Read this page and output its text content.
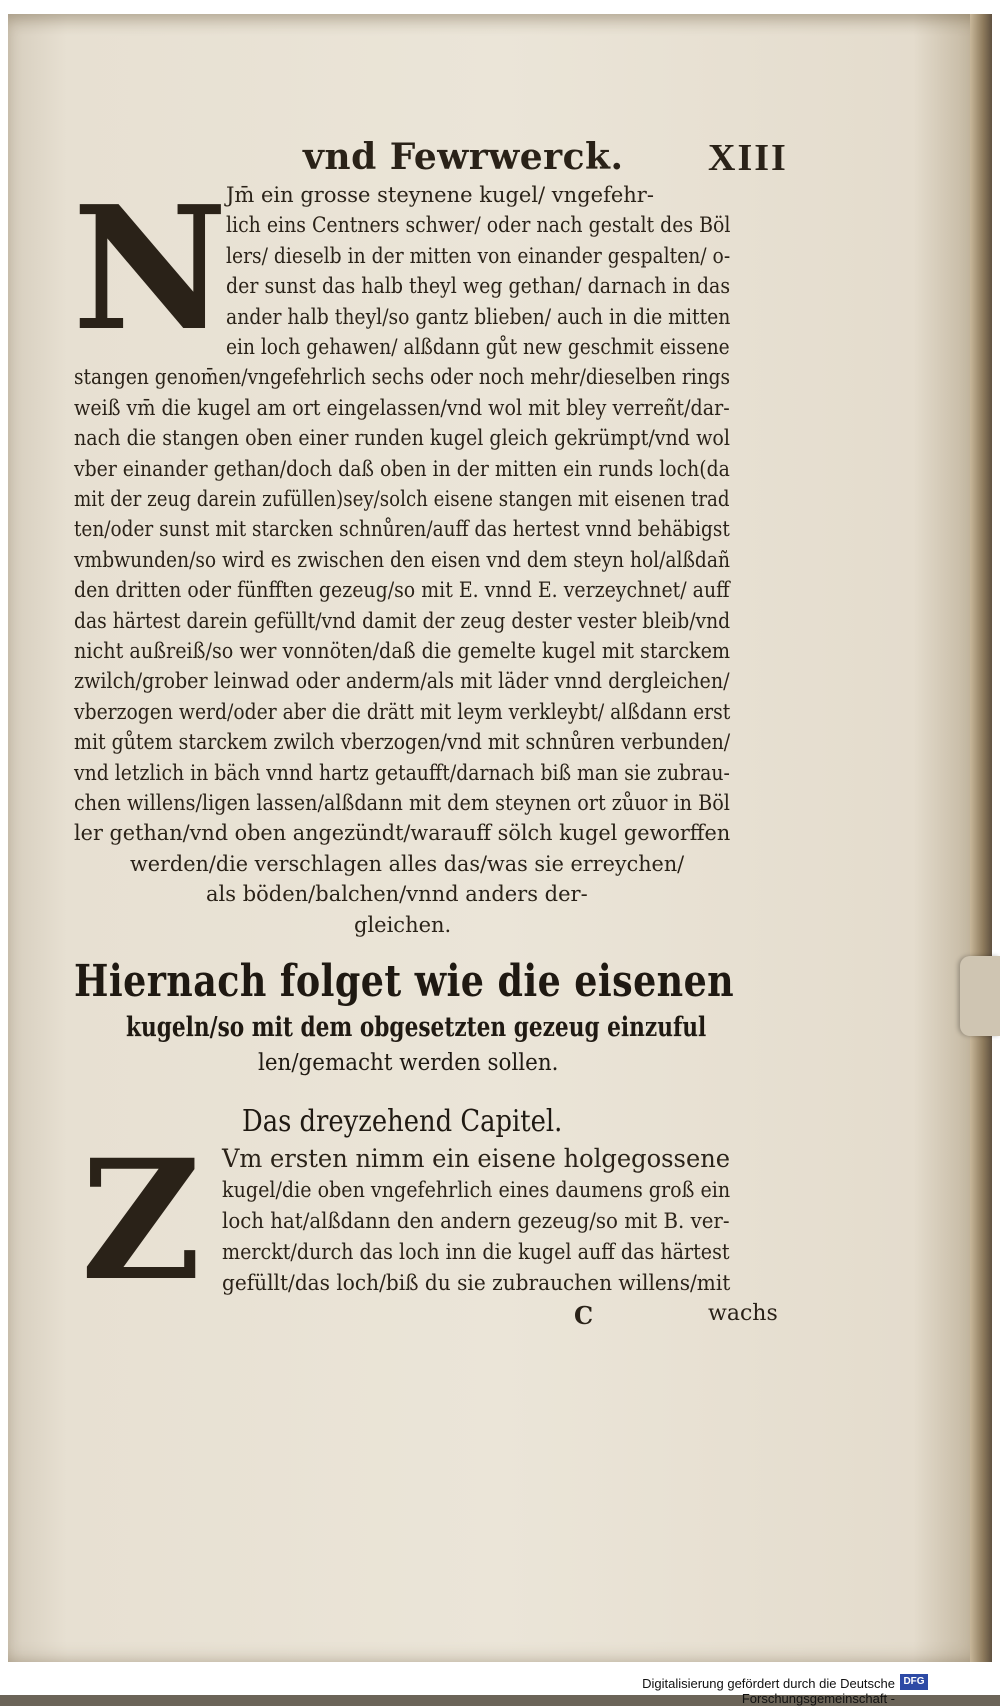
vnd Fewrwerck. XIII
N
Jm̄ ein grosse steynene kugel/ vngefehr-
lich eins Centners schwer/ oder nach gestalt des Böl
lers/ dieselb in der mitten von einander gespalten/ o-
der sunst das halb theyl weg gethan/ darnach in das
ander halb theyl/so gantz blieben/ auch in die mitten
ein loch gehawen/ alßdann gůt new geschmit eissene
stangen genom̄en/vngefehrlich sechs oder noch mehr/dieselben rings
weiß vm̄ die kugel am ort eingelassen/vnd wol mit bley verreñt/dar-
nach die stangen oben einer runden kugel gleich gekrümpt/vnd wol
vber einander gethan/doch daß oben in der mitten ein runds loch(da
mit der zeug darein zufüllen)sey/solch eisene stangen mit eisenen trad
ten/oder sunst mit starcken schnůren/auff das hertest vnnd behäbigst
vmbwunden/so wird es zwischen den eisen vnd dem steyn hol/alßdañ
den dritten oder fünfften gezeug/so mit E. vnnd E. verzeychnet/ auff
das härtest darein gefüllt/vnd damit der zeug dester vester bleib/vnd
nicht außreiß/so wer vonnöten/daß die gemelte kugel mit starckem
zwilch/grober leinwad oder anderm/als mit läder vnnd dergleichen/
vberzogen werd/oder aber die drätt mit leym verkleybt/ alßdann erst
mit gůtem starckem zwilch vberzogen/vnd mit schnůren verbunden/
vnd letzlich in bäch vnnd hartz getaufft/darnach biß man sie zubrau-
chen willens/ligen lassen/alßdann mit dem steynen ort zůuor in Böl
ler gethan/vnd oben angezündt/warauff sölch kugel geworffen
werden/die verschlagen alles das/was sie erreychen/
als böden/balchen/vnnd anders der-
gleichen.
Hiernach folget wie die eisenen
kugeln/so mit dem obgesetzten gezeug einzuful
len/gemacht werden sollen.
Das dreyzehend Capitel.
Z Vm ersten nimm ein eisene holgegossene
kugel/die oben vngefehrlich eines daumens groß ein
loch hat/alßdann den andern gezeug/so mit B. ver-
merckt/durch das loch inn die kugel auff das härtest
gefüllt/das loch/biß du sie zubrauchen willens/mit
C	wachs
Digitalisierung gefördert durch die Deutsche Forschungsgemeinschaft -
DFG
